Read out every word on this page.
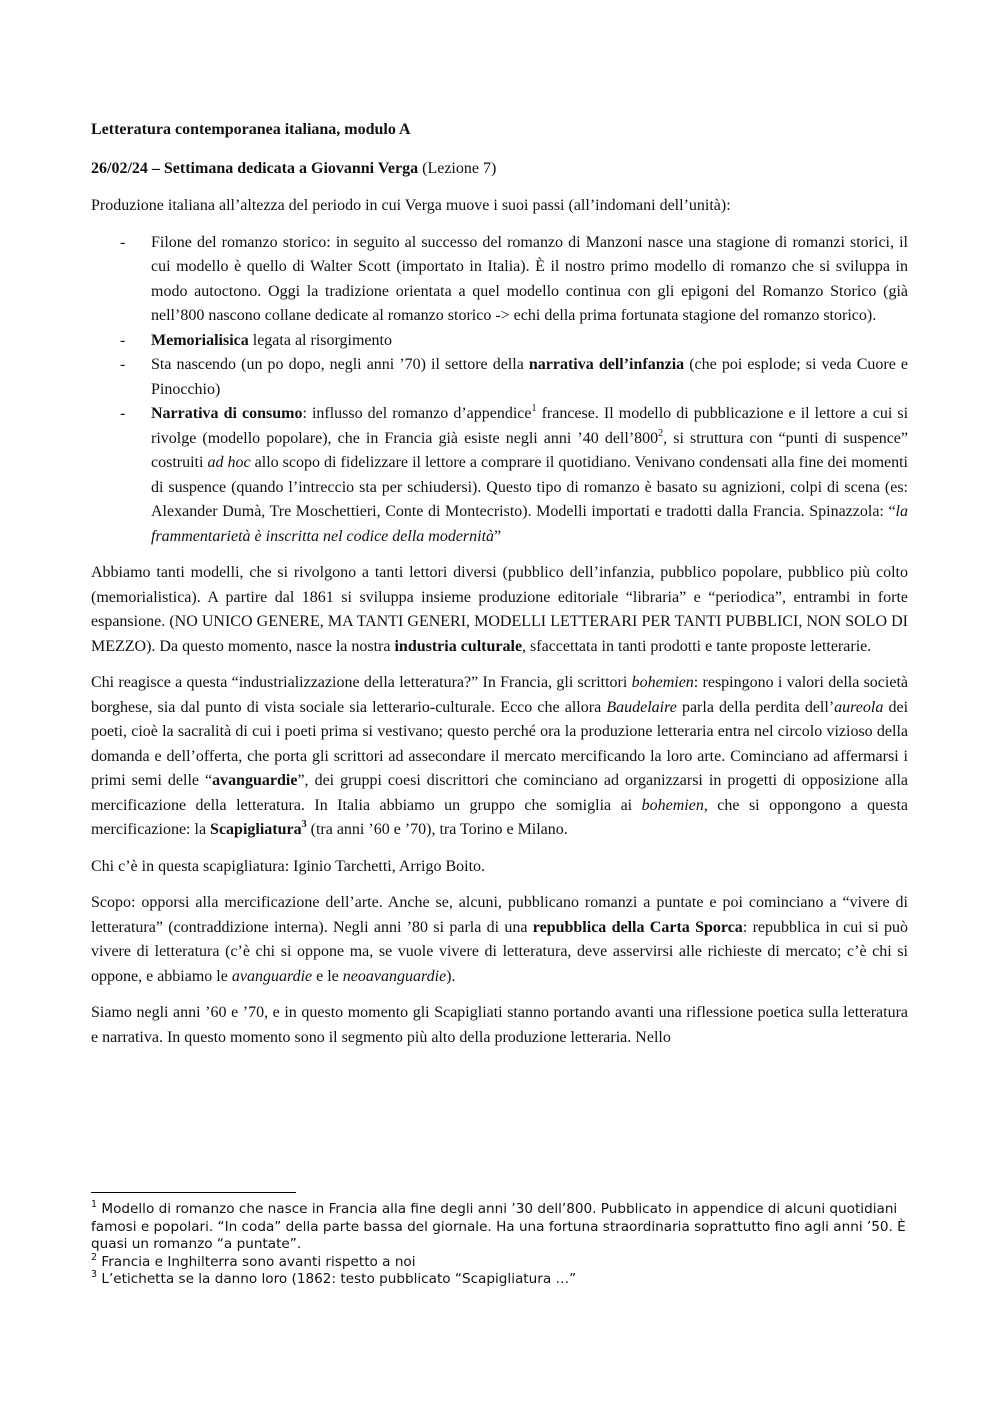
Letteratura contemporanea italiana, modulo A
26/02/24 – Settimana dedicata a Giovanni Verga (Lezione 7)

Produzione italiana all’altezza del periodo in cui Verga muove i suoi passi (all’indomani dell’unità):

- Filone del romanzo storico: in seguito al successo del romanzo di Manzoni nasce una stagione di romanzi storici, il cui modello è quello di Walter Scott (importato in Italia). È il nostro primo modello di romanzo che si sviluppa in modo autoctono. Oggi la tradizione orientata a quel modello continua con gli epigoni del Romanzo Storico (già nell’800 nascono collane dedicate al romanzo storico -> echi della prima fortunata stagione del romanzo storico).
- Memorialisica legata al risorgimento
- Sta nascendo (un po dopo, negli anni ’70) il settore della narrativa dell’infanzia (che poi esplode; si veda Cuore e Pinocchio)
- Narrativa di consumo: influsso del romanzo d’appendice$^1$ francese. Il modello di pubblicazione e il lettore a cui si rivolge (modello popolare), che in Francia già esiste negli anni ’40 $dell’800^2$, si struttura con “punti di suspence” costruiti ad hoc allo scopo di fidelizzare il lettore a comprare il quotidiano. Venivano condensati alla fine dei momenti di suspence (quando l’intreccio sta per schiudersi). Questo tipo di romanzo è basato su agnizioni, colpi di scena (es: Alexander Dumà, Tre Moschettieri, Conte di Montecristo). Modelli importati e tradotti dalla Francia. Spinazzola: “la frammentarietà è inscritta nel codice della modernità”

Abbiamo tanti modelli, che si rivolgono a tanti lettori diversi (pubblico dell’infanzia, pubblico popolare, pubblico più colto (memorialistica). A partire dal 1861 si sviluppa insieme produzione editoriale “libraria” e “periodica”, entrambi in forte espansione. (NO UNICO GENERE, MA TANTI GENERI, MODELLI LETTERARI PER TANTI PUBBLICI, NON SOLO DI MEZZO). Da questo momento, nasce la nostra industria culturale, sfaccettata in tanti prodotti e tante proposte letterarie.

Chi reagisce a questa “industrializzazione della letteratura?” In Francia, gli scrittori bohemien: respingono i valori della società borghese, sia dal punto di vista sociale sia letterario-culturale. Ecco che allora Baudelaire parla della perdita dell’aureola dei poeti, cioè la sacralità di cui i poeti prima si vestivano; questo perché ora la produzione letteraria entra nel circolo vizioso della domanda e dell’offerta, che porta gli scrittori ad assecondare il mercato mercificando la loro arte. Cominciano ad affermarsi i primi semi delle “avanguardie”, dei gruppi coesi discrittori che cominciano ad organizzarsi in progetti di opposizione alla mercificazione della letteratura. In Italia abbiamo un gruppo che somiglia ai bohemien, che si oppongono a questa mercificazione: la Scapigliatura$^3$ (tra anni ’60 e ’70), tra Torino e Milano.

Chi c’è in questa scapigliatura: Iginio Tarchetti, Arrigo Boito.

Scopo: opporsi alla mercificazione dell’arte. Anche se, alcuni, pubblicano romanzi a puntate e poi cominciano a “vivere di letteratura” (contraddizione interna). Negli anni ’80 si parla di una repubblica della Carta Sporca: repubblica in cui si può vivere di letteratura (c’è chi si oppone ma, se vuole vivere di letteratura, deve asservirsi alle richieste di mercato; c’è chi si oppone, e abbiamo le avanguardie e le neoavanguardie).

Siamo negli anni ’60 e ’70, e in questo momento gli Scapigliati stanno portando avanti una riflessione poetica sulla letteratura e narrativa. In questo momento sono il segmento più alto della produzione letteraria. Nello

$^1$ Modello di romanzo che nasce in Francia alla fine degli anni ’30 dell’800. Pubblicato in appendice di alcuni quotidiani famosi e popolari. “In coda” della parte bassa del giornale. Ha una fortuna straordinaria soprattutto fino agli anni ’50. È quasi un romanzo “a puntate”.
$^2$ Francia e Inghilterra sono avanti rispetto a noi
$^3$ L’etichetta se la danno loro (1862: testo pubblicato “Scapigliatura …”
